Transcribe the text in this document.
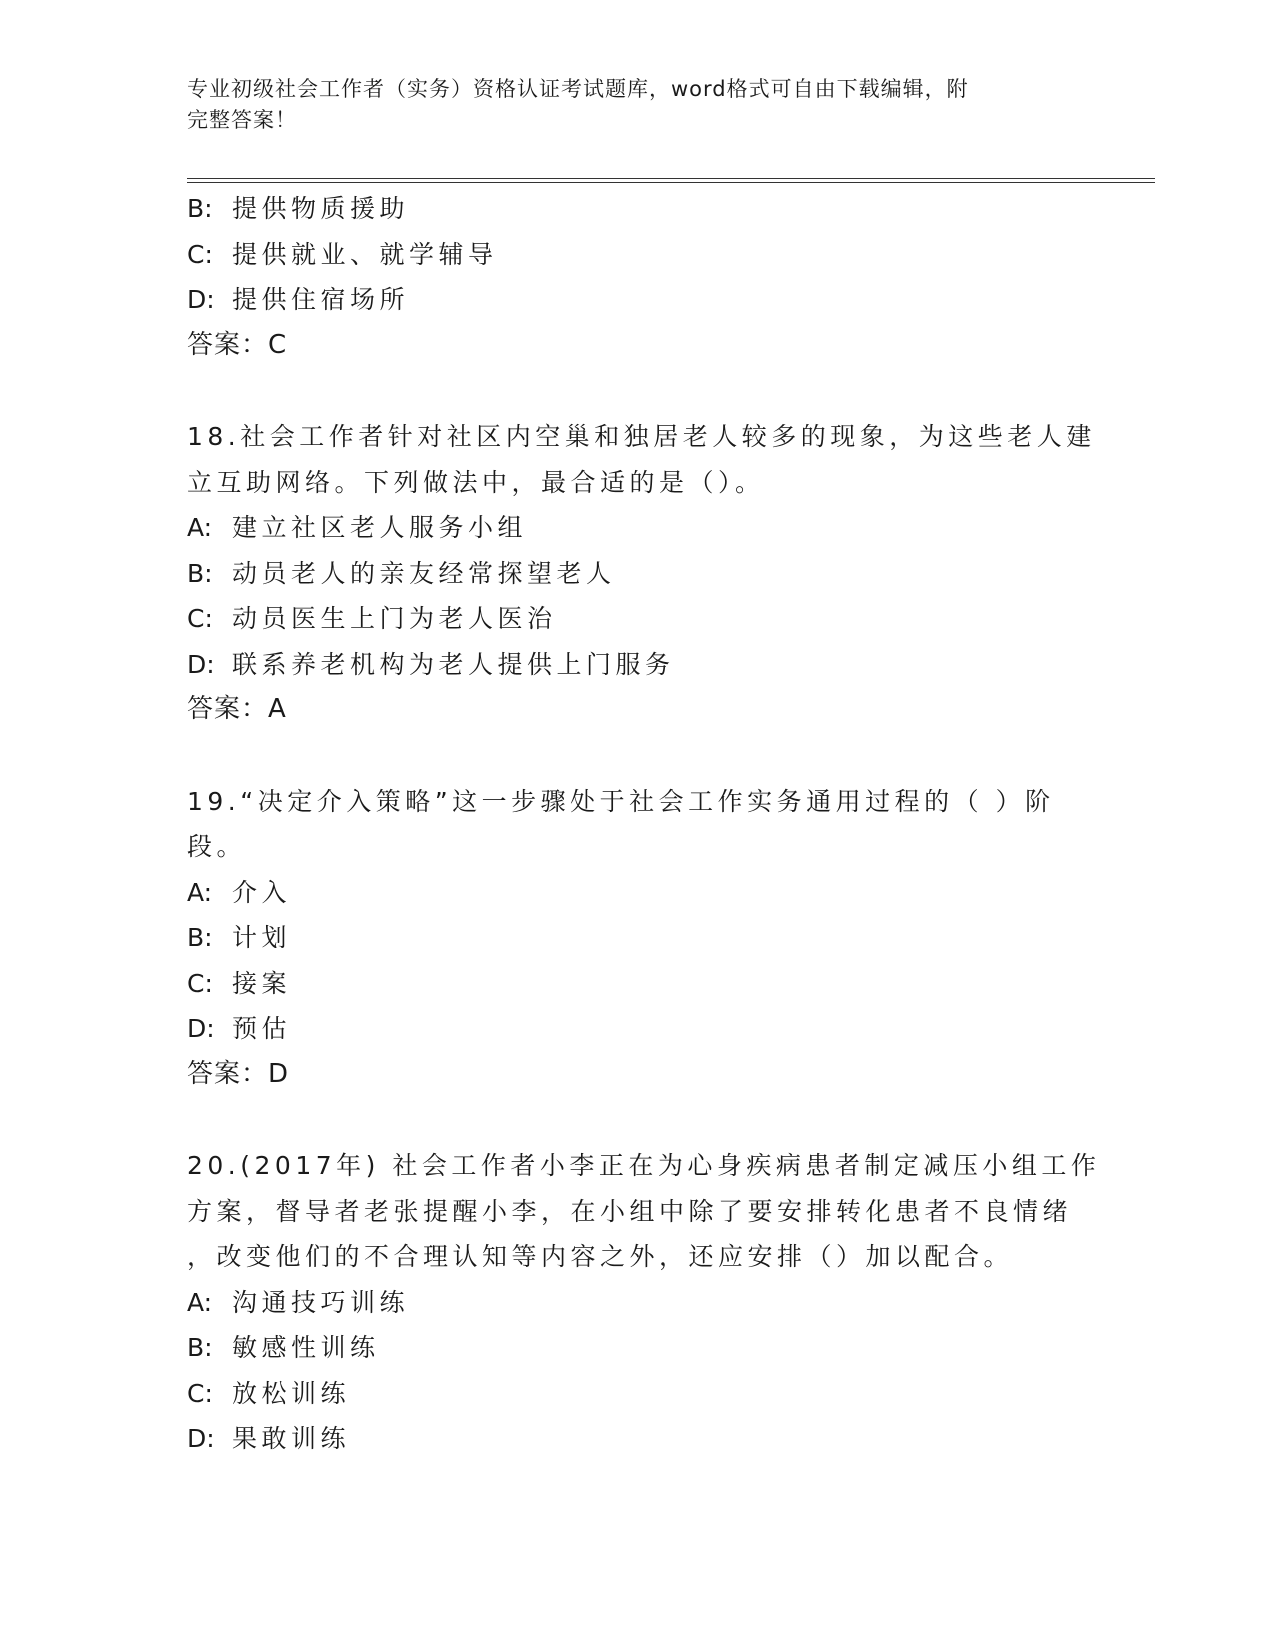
专业初级社会工作者（实务）资格认证考试题库，word格式可自由下载编辑，附
完整答案！
B: 提供物质援助
C: 提供就业、就学辅导
D: 提供住宿场所
答案：C
18.社会工作者针对社区内空巢和独居老人较多的现象，为这些老人建
立互助网络。下列做法中，最合适的是（）。
A: 建立社区老人服务小组
B: 动员老人的亲友经常探望老人
C: 动员医生上门为老人医治
D: 联系养老机构为老人提供上门服务
答案：A
19.“决定介入策略”这一步骤处于社会工作实务通用过程的（ ）阶
段。
A: 介入
B: 计划
C: 接案
D: 预估
答案：D
20.(2017年) 社会工作者小李正在为心身疾病患者制定减压小组工作
方案，督导者老张提醒小李，在小组中除了要安排转化患者不良情绪
，改变他们的不合理认知等内容之外，还应安排（）加以配合。
A: 沟通技巧训练
B: 敏感性训练
C: 放松训练
D: 果敢训练
